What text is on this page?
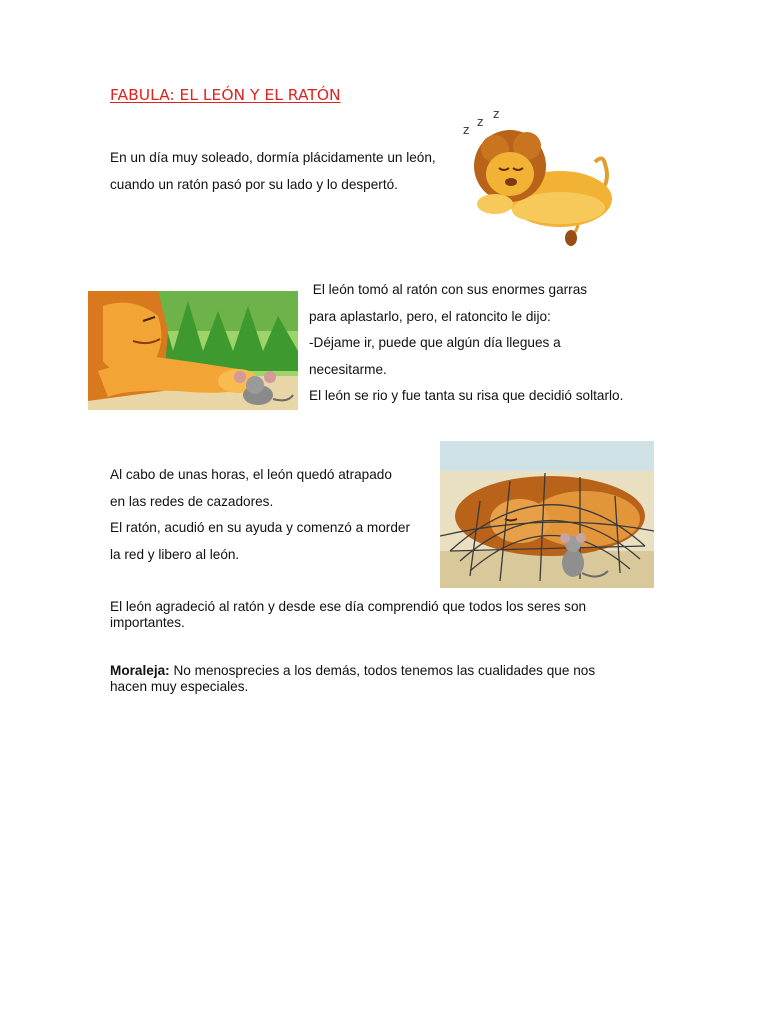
FABULA: EL LEÓN Y EL RATÓN
En un día muy soleado, dormía plácidamente un león,
cuando un ratón pasó por su lado y lo despertó.
zzz
El león tomó al ratón con sus enormes garras
para aplastarlo, pero, el ratoncito le dijo:
-Déjame ir, puede que algún día llegues a
necesitarme.
El león se rio y fue tanta su risa que decidió soltarlo.
Al cabo de unas horas, el león quedó atrapado
en las redes de cazadores.
El ratón, acudió en su ayuda y comenzó a morder
la red y libero al león.
El león agradeció al ratón y desde ese día comprendió que todos los seres son
importantes.
Moraleja: No menosprecies a los demás, todos tenemos las cualidades que nos
hacen muy especiales.
